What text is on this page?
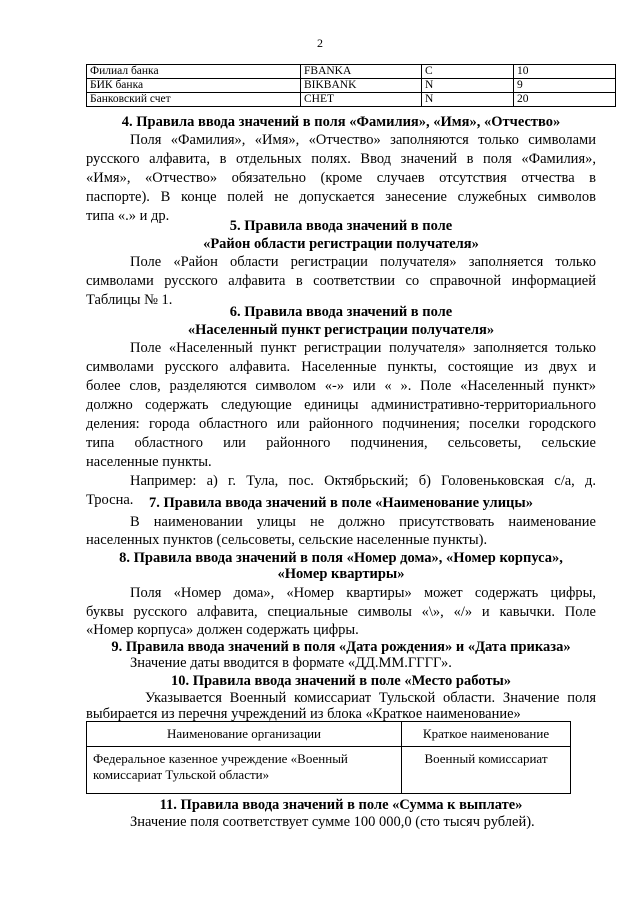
2
Филиал банка	FBANKA	C	10
БИК банка	BIKBANK	N	9
Банковский счет	CHET	N	20
4. Правила ввода значений в поля «Фамилия», «Имя», «Отчество»
Поля «Фамилия», «Имя», «Отчество» заполняются только символами
русского алфавита, в отдельных полях. Ввод значений в поля «Фамилия»,
«Имя», «Отчество» обязательно (кроме случаев отсутствия отчества в
паспорте). В конце полей не допускается занесение служебных символов
типа «.» и др.
5. Правила ввода значений в поле
«Район области регистрации получателя»
Поле «Район области регистрации получателя» заполняется только
символами русского алфавита в соответствии со справочной информацией
Таблицы № 1.
6. Правила ввода значений в поле
«Населенный пункт регистрации получателя»
Поле «Населенный пункт регистрации получателя» заполняется только
символами русского алфавита. Населенные пункты, состоящие из двух и
более слов, разделяются символом «-» или « ». Поле «Населенный пункт»
должно содержать следующие единицы административно-территориального
деления: города областного или районного подчинения; поселки городского
типа областного или районного подчинения, сельсоветы, сельские
населенные пункты.
Например: а) г. Тула, пос. Октябрьский; б) Головеньковская с/а, д.
Тросна.	7. Правила ввода значений в поле «Наименование улицы»
В наименовании улицы не должно присутствовать наименование
населенных пунктов (сельсоветы, сельские населенные пункты).
8. Правила ввода значений в поля «Номер дома», «Номер корпуса»,
«Номер квартиры»
Поля «Номер дома», «Номер квартиры» может содержать цифры,
буквы русского алфавита, специальные символы «\», «/» и кавычки. Поле
«Номер корпуса» должен содержать цифры.
9. Правила ввода значений в поля «Дата рождения» и «Дата приказа»
Значение даты вводится в формате «ДД.ММ.ГГГГ».
10. Правила ввода значений в поле «Место работы»
Указывается Военный комиссариат Тульской области. Значение поля
выбирается из перечня учреждений из блока «Краткое наименование»
Наименование организации	Краткое наименование
Федеральное казенное учреждение «Военный комиссариат Тульской области»	Военный комиссариат
11. Правила ввода значений в поле «Сумма к выплате»
Значение поля соответствует сумме 100 000,0 (сто тысяч рублей).
